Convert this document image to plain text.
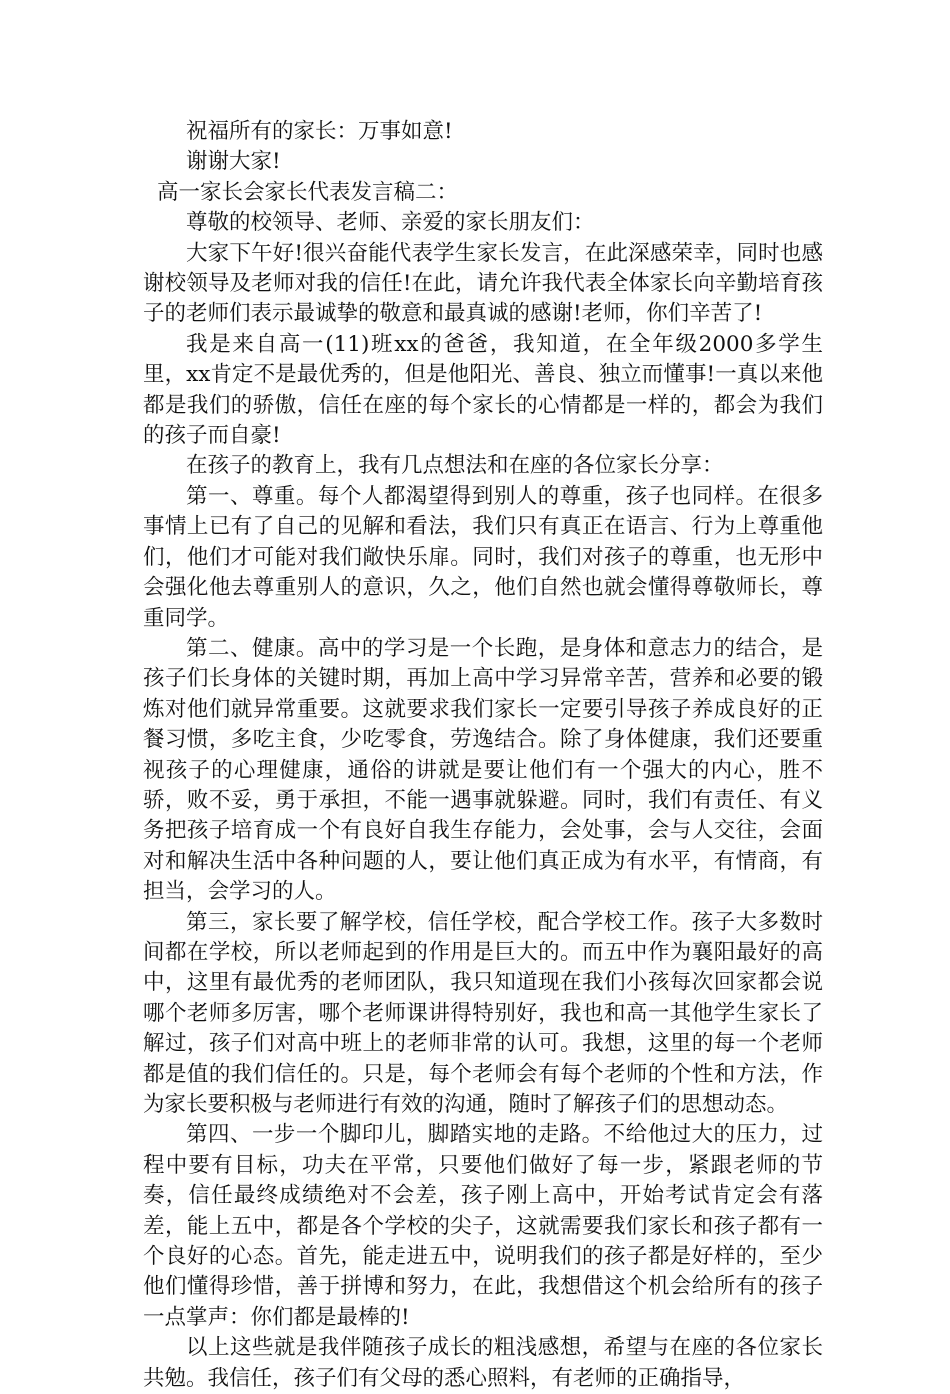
祝福所有的家长：万事如意!

谢谢大家!

高一家长会家长代表发言稿二：

尊敬的校领导、老师、亲爱的家长朋友们：

大家下午好!很兴奋能代表学生家长发言，在此深感荣幸，同时也感谢校领导及老师对我的信任!在此，请允许我代表全体家长向辛勤培育孩子的老师们表示最诚挚的敬意和最真诚的感谢!老师，你们辛苦了!

我是来自高一(11)班xx的爸爸，我知道，在全年级2000多学生里，xx肯定不是最优秀的，但是他阳光、善良、独立而懂事!一真以来他都是我们的骄傲，信任在座的每个家长的心情都是一样的，都会为我们的孩子而自豪!

在孩子的教育上，我有几点想法和在座的各位家长分享：

第一、尊重。每个人都渴望得到别人的尊重，孩子也同样。在很多事情上已有了自己的见解和看法，我们只有真正在语言、行为上尊重他们，他们才可能对我们敞快乐扉。同时，我们对孩子的尊重，也无形中会强化他去尊重别人的意识，久之，他们自然也就会懂得尊敬师长，尊重同学。

第二、健康。高中的学习是一个长跑，是身体和意志力的结合，是孩子们长身体的关键时期，再加上高中学习异常辛苦，营养和必要的锻炼对他们就异常重要。这就要求我们家长一定要引导孩子养成良好的正餐习惯，多吃主食，少吃零食，劳逸结合。除了身体健康，我们还要重视孩子的心理健康，通俗的讲就是要让他们有一个强大的内心，胜不骄，败不妥，勇于承担，不能一遇事就躲避。同时，我们有责任、有义务把孩子培育成一个有良好自我生存能力，会处事，会与人交往，会面对和解决生活中各种问题的人，要让他们真正成为有水平，有情商，有担当，会学习的人。

第三，家长要了解学校，信任学校，配合学校工作。孩子大多数时间都在学校，所以老师起到的作用是巨大的。而五中作为襄阳最好的高中，这里有最优秀的老师团队，我只知道现在我们小孩每次回家都会说哪个老师多厉害，哪个老师课讲得特别好，我也和高一其他学生家长了解过，孩子们对高中班上的老师非常的认可。我想，这里的每一个老师都是值的我们信任的。只是，每个老师会有每个老师的个性和方法，作为家长要积极与老师进行有效的沟通，随时了解孩子们的思想动态。

第四、一步一个脚印儿，脚踏实地的走路。不给他过大的压力，过程中要有目标，功夫在平常，只要他们做好了每一步，紧跟老师的节奏，信任最终成绩绝对不会差，孩子刚上高中，开始考试肯定会有落差，能上五中，都是各个学校的尖子，这就需要我们家长和孩子都有一个良好的心态。首先，能走进五中，说明我们的孩子都是好样的，至少他们懂得珍惜，善于拼博和努力，在此，我想借这个机会给所有的孩子一点掌声：你们都是最棒的!

以上这些就是我伴随孩子成长的粗浅感想，希望与在座的各位家长共勉。我信任，孩子们有父母的悉心照料，有老师的正确指导，
